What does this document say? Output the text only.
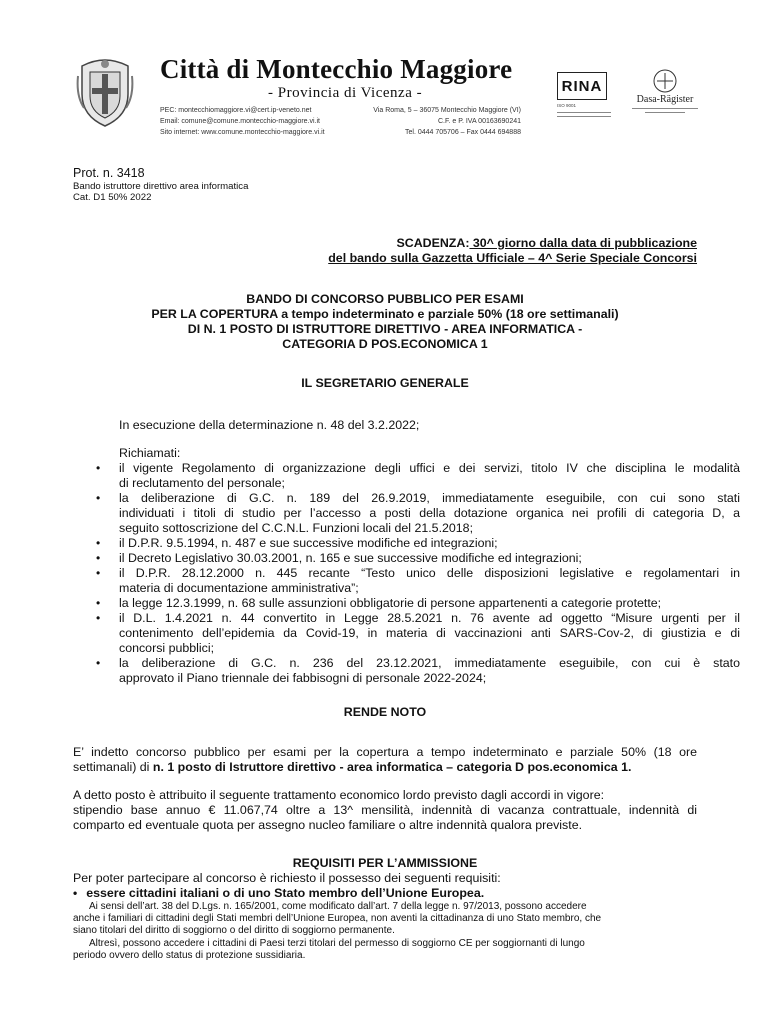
Città di Montecchio Maggiore
- Provincia di Vicenza -
PEC: montecchiomaggiore.vi@cert.ip-veneto.net
Email: comune@comune.montecchio-maggiore.vi.it
Sito internet: www.comune.montecchio-maggiore.vi.it
Via Roma, 5 – 36075 Montecchio Maggiore (VI)
C.F. e P. IVA 00163690241
Tel. 0444 705706 – Fax 0444 694888
RINA
ISO 9001
Dasa-Rägister
Prot. n. 3418
Bando istruttore direttivo area informatica
Cat. D1 50% 2022
SCADENZA: 30^ giorno dalla data di pubblicazione
del bando sulla Gazzetta Ufficiale – 4^ Serie Speciale Concorsi
BANDO DI CONCORSO PUBBLICO PER ESAMI
PER LA COPERTURA a tempo indeterminato e parziale 50% (18 ore settimanali)
DI N. 1 POSTO DI ISTRUTTORE DIRETTIVO - AREA INFORMATICA -
CATEGORIA D POS.ECONOMICA 1
IL SEGRETARIO GENERALE
In esecuzione della determinazione n. 48 del 3.2.2022;
Richiamati:
• il vigente Regolamento di organizzazione degli uffici e dei servizi, titolo IV che disciplina le modalità
di reclutamento del personale;
• la deliberazione di G.C. n. 189 del 26.9.2019, immediatamente eseguibile, con cui sono stati
individuati i titoli di studio per l’accesso a posti della dotazione organica nei profili di categoria D, a
seguito sottoscrizione del C.C.N.L. Funzioni locali del 21.5.2018;
• il D.P.R. 9.5.1994, n. 487 e sue successive modifiche ed integrazioni;
• il Decreto Legislativo 30.03.2001, n. 165 e sue successive modifiche ed integrazioni;
• il D.P.R. 28.12.2000 n. 445 recante “Testo unico delle disposizioni legislative e regolamentari in
materia di documentazione amministrativa”;
• la legge 12.3.1999, n. 68 sulle assunzioni obbligatorie di persone appartenenti a categorie protette;
• il D.L. 1.4.2021 n. 44 convertito in Legge 28.5.2021 n. 76 avente ad oggetto “Misure urgenti per il
contenimento dell’epidemia da Covid-19, in materia di vaccinazioni anti SARS-Cov-2, di giustizia e di
concorsi pubblici;
• la deliberazione di G.C. n. 236 del 23.12.2021, immediatamente eseguibile, con cui è stato
approvato il Piano triennale dei fabbisogni di personale 2022-2024;
RENDE NOTO
E’ indetto concorso pubblico per esami per la copertura a tempo indeterminato e parziale 50% (18 ore
settimanali) di n. 1 posto di Istruttore direttivo - area informatica – categoria D pos.economica 1.
A detto posto è attribuito il seguente trattamento economico lordo previsto dagli accordi in vigore:
stipendio base annuo € 11.067,74 oltre a 13^ mensilità, indennità di vacanza contrattuale, indennità di
comparto ed eventuale quota per assegno nucleo familiare o altre indennità qualora previste.
REQUISITI PER L’AMMISSIONE
Per poter partecipare al concorso è richiesto il possesso dei seguenti requisiti:
• essere cittadini italiani o di uno Stato membro dell’Unione Europea.
Ai sensi dell’art. 38 del D.Lgs. n. 165/2001, come modificato dall’art. 7 della legge n. 97/2013, possono accedere
anche i familiari di cittadini degli Stati membri dell’Unione Europea, non aventi la cittadinanza di uno Stato membro, che
siano titolari del diritto di soggiorno o del diritto di soggiorno permanente.
Altresì, possono accedere i cittadini di Paesi terzi titolari del permesso di soggiorno CE per soggiornanti di lungo
periodo ovvero dello status di protezione sussidiaria.
